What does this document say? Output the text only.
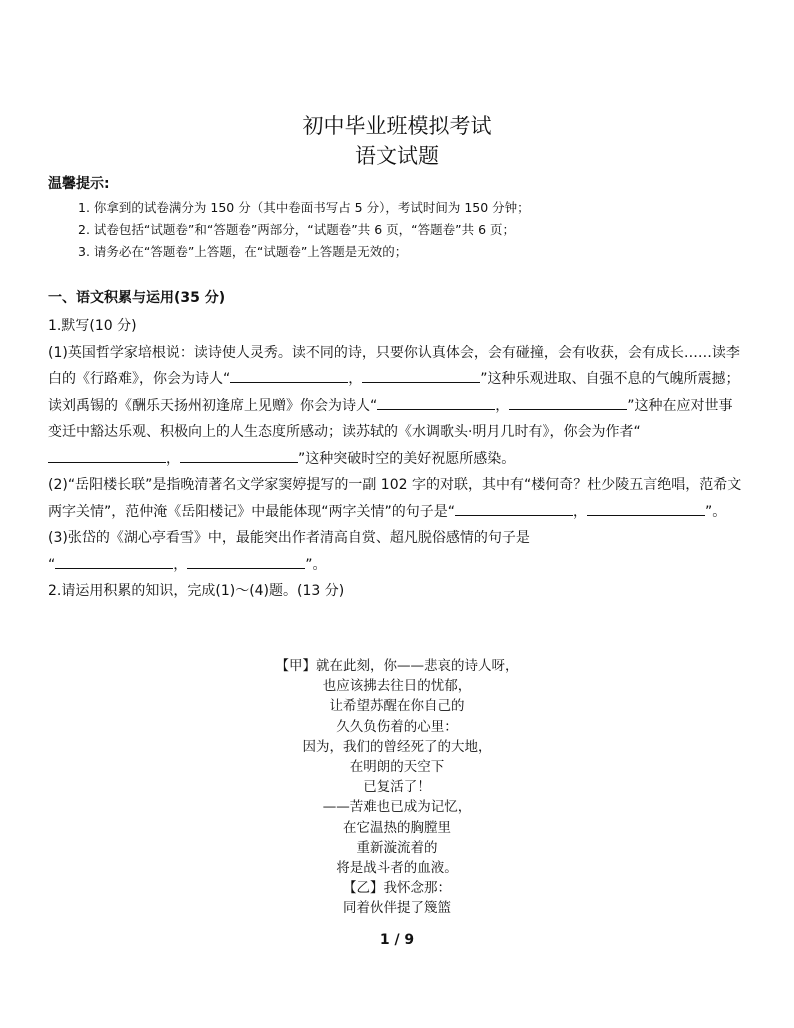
初中毕业班模拟考试
语文试题
温馨提示:
1. 你拿到的试卷满分为 150 分（其中卷面书写占 5 分），考试时间为 150 分钟；
2. 试卷包括“试题卷”和“答题卷”两部分，“试题卷”共 6 页，“答题卷”共 6 页；
3. 请务必在“答题卷”上答题，在“试题卷”上答题是无效的；
一、语文积累与运用(35 分)
1.默写(10 分)
(1)英国哲学家培根说：读诗使人灵秀。读不同的诗，只要你认真体会，会有碰撞，会有收获，会有成长……读李白的《行路难》，你会为诗人“	，	”这种乐观进取、自强不息的气魄所震撼；读刘禹锡的《酬乐天扬州初逢席上见赠》你会为诗人“	，	”这种在应对世事变迁中豁达乐观、积极向上的人生态度所感动；读苏轼的《水调歌头·明月几时有》，你会为作者“，	”这种突破时空的美好祝愿所感染。
(2)“岳阳楼长联”是指晚清著名文学家窦婷提写的一副 102 字的对联，其中有“楼何奇？杜少陵五言绝唱，范希文两字关情”，范仲淹《岳阳楼记》中最能体现“两字关情”的句子是“	，	”。
(3)张岱的《湖心亭看雪》中，最能突出作者清高自赏、超凡脱俗感情的句子是
“	，	”。
2.请运用积累的知识，完成(1)～(4)题。(13 分)
【甲】就在此刻，你——悲哀的诗人呀，
也应该拂去往日的忧郁，
让希望苏醒在你自己的
久久负伤着的心里：
因为，我们的曾经死了的大地，
在明朗的天空下
已复活了！
——苦难也已成为记忆，
在它温热的胸膛里
重新漩流着的
将是战斗者的血液。
【乙】我怀念那：
同着伙伴提了篾篮
1 / 9
